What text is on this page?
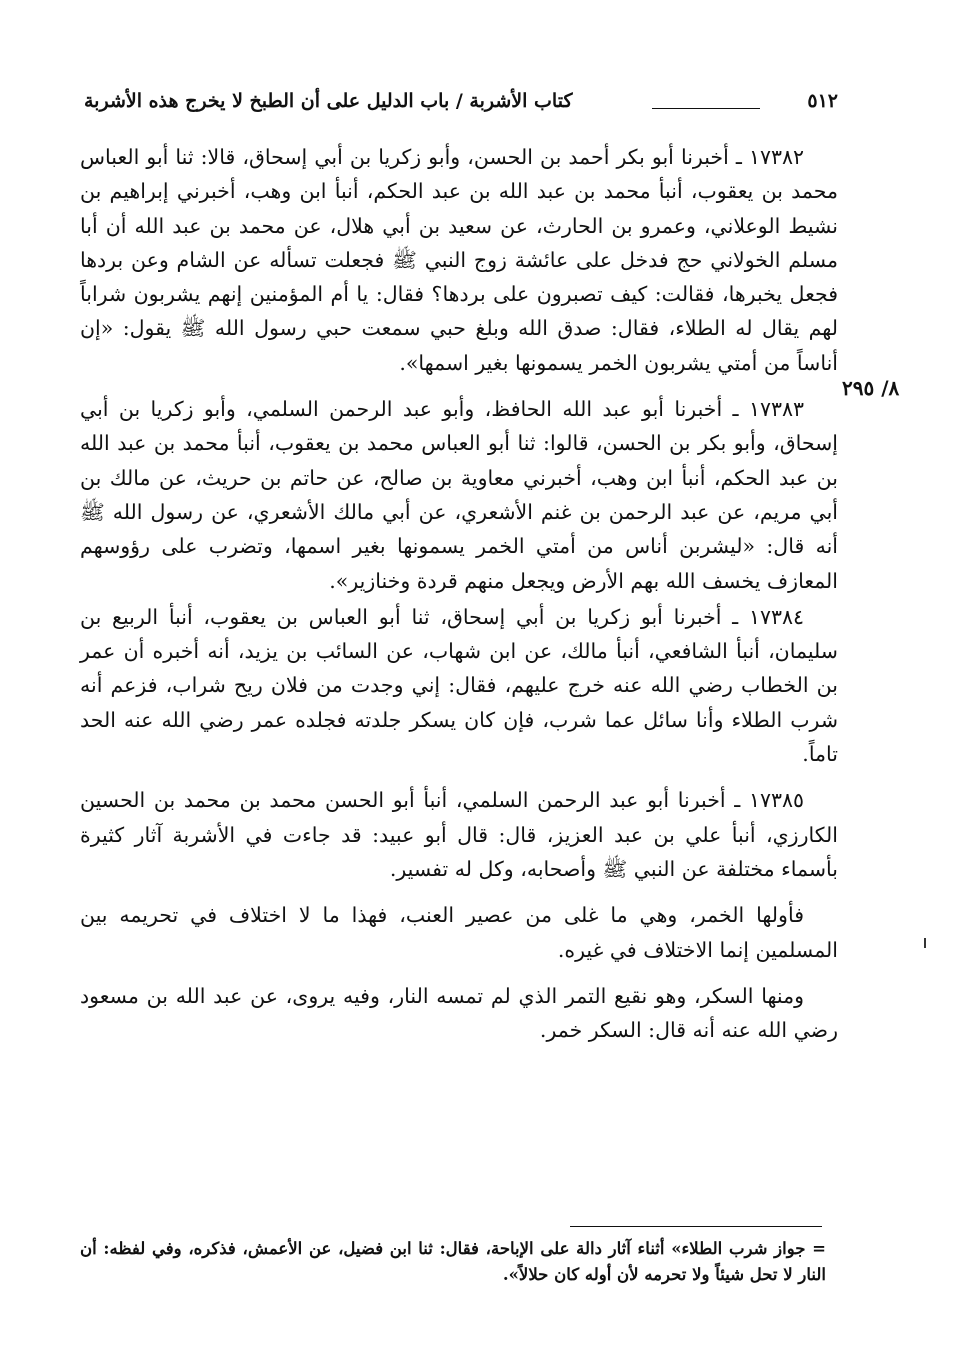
٥١٢
كتاب الأشربة / باب الدليل على أن الطبخ لا يخرج هذه الأشربة
٨/ ٢٩٥

١٧٣٨٢ ـ أخبرنا أبو بكر أحمد بن الحسن، وأبو زكريا بن أبي إسحاق، قالا: ثنا أبو العباس محمد بن يعقوب، أنبأ محمد بن عبد الله بن عبد الحكم، أنبأ ابن وهب، أخبرني إبراهيم بن نشيط الوعلاني، وعمرو بن الحارث، عن سعيد بن أبي هلال، عن محمد بن عبد الله أن أبا مسلم الخولاني حج فدخل على عائشة زوج النبي ﷺ فجعلت تسأله عن الشام وعن بردها فجعل يخبرها، فقالت: كيف تصبرون على بردها؟ فقال: يا أم المؤمنين إنهم يشربون شراباً لهم يقال له الطلاء، فقال: صدق الله وبلغ حبي سمعت حبي رسول الله ﷺ يقول: «إن أناساً من أمتي يشربون الخمر يسمونها بغير اسمها».

١٧٣٨٣ ـ أخبرنا أبو عبد الله الحافظ، وأبو عبد الرحمن السلمي، وأبو زكريا بن أبي إسحاق، وأبو بكر بن الحسن، قالوا: ثنا أبو العباس محمد بن يعقوب، أنبأ محمد بن عبد الله بن عبد الحكم، أنبأ ابن وهب، أخبرني معاوية بن صالح، عن حاتم بن حريث، عن مالك بن أبي مريم، عن عبد الرحمن بن غنم الأشعري، عن أبي مالك الأشعري، عن رسول الله ﷺ أنه قال: «ليشربن أناس من أمتي الخمر يسمونها بغير اسمها، وتضرب على رؤوسهم المعازف يخسف الله بهم الأرض ويجعل منهم قردة وخنازير».

١٧٣٨٤ ـ أخبرنا أبو زكريا بن أبي إسحاق، ثنا أبو العباس بن يعقوب، أنبأ الربيع بن سليمان، أنبأ الشافعي، أنبأ مالك، عن ابن شهاب، عن السائب بن يزيد، أنه أخبره أن عمر بن الخطاب رضي الله عنه خرج عليهم، فقال: إني وجدت من فلان ريح شراب، فزعم أنه شرب الطلاء وأنا سائل عما شرب، فإن كان يسكر جلدته فجلده عمر رضي الله عنه الحد تاماً.

١٧٣٨٥ ـ أخبرنا أبو عبد الرحمن السلمي، أنبأ أبو الحسن محمد بن محمد بن الحسين الكارزي، أنبأ علي بن عبد العزيز، قال: قال أبو عبيد: قد جاءت في الأشربة آثار كثيرة بأسماء مختلفة عن النبي ﷺ وأصحابه، وكل له تفسير.

فأولها الخمر، وهي ما غلى من عصير العنب، فهذا ما لا اختلاف في تحريمه بين المسلمين إنما الاختلاف في غيره.

ومنها السكر، وهو نقيع التمر الذي لم تمسه النار، وفيه يروى، عن عبد الله بن مسعود رضي الله عنه أنه قال: السكر خمر.

= جواز شرب الطلاء» أثناء آثار دالة على الإباحة، فقال: ثنا ابن فضيل، عن الأعمش، فذكره، وفي لفظه: أن النار لا تحل شيئاً ولا تحرمه لأن أوله كان حلالاً».
